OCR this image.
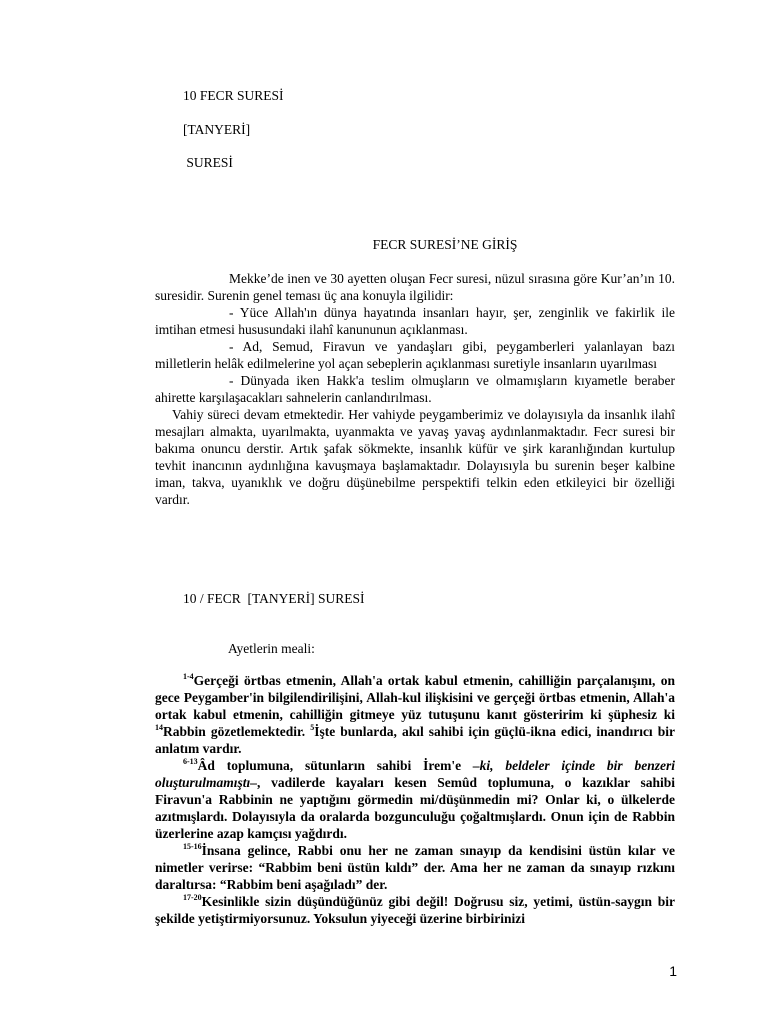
10 FECR SURESİ
[TANYERİ]
SURESİ
FECR SURESİ’NE GİRİŞ

Mekke’de inen ve 30 ayetten oluşan Fecr suresi, nüzul sırasına göre Kur’an’ın 10. suresidir. Surenin genel teması üç ana konuyla ilgilidir:

- Yüce Allah'ın dünya hayatında insanları hayır, şer, zenginlik ve fakirlik ile imtihan etmesi hususundaki ilahî kanununun açıklanması.

- Ad, Semud, Firavun ve yandaşları gibi, peygamberleri yalanlayan bazı milletlerin helâk edilmelerine yol açan sebeplerin açıklanması suretiyle insanların uyarılması

- Dünyada iken Hakk'a teslim olmuşların ve olmamışların kıyametle beraber ahirette karşılaşacakları sahnelerin canlandırılması.

Vahiy süreci devam etmektedir. Her vahiyde peygamberimiz ve dolayısıyla da insanlık ilahî mesajları almakta, uyarılmakta, uyanmakta ve yavaş yavaş aydınlanmaktadır. Fecr suresi bir bakıma onuncu derstir. Artık şafak sökmekte, insanlık küfür ve şirk karanlığından kurtulup tevhit inancının aydınlığına kavuşmaya başlamaktadır. Dolayısıyla bu surenin beşer kalbine iman, takva, uyanıklık ve doğru düşünebilme perspektifi telkin eden etkileyici bir özelliği vardır.

10 / FECR  [TANYERİ] SURESİ
Ayetlerin meali:

$^{1-4}$Gerçeği örtbas etmenin, Allah'a ortak kabul etmenin, cahilliğin parçalanışını, on gece Peygamber'in bilgilendirilişini, Allah-kul ilişkisini ve gerçeği örtbas etmenin, Allah'a ortak kabul etmenin, cahilliğin gitmeye yüz tutuşunu kanıt gösteririm ki şüphesiz ki $^{14}$Rabbin gözetlemektedir. $^5$İşte bunlarda, akıl sahibi için güçlü-ikna edici, inandırıcı bir anlatım vardır.

$^{6-13}$Âd toplumuna, sütunların sahibi İrem'e –ki, beldeler içinde bir benzeri oluşturulmamıştı–, vadilerde kayaları kesen Semûd toplumuna, o kazıklar sahibi Firavun'a Rabbinin ne yaptığını görmedin mi/düşünmedin mi? Onlar ki, o ülkelerde azıtmışlardı. Dolayısıyla da oralarda bozgunculuğu çoğaltmışlardı. Onun için de Rabbin üzerlerine azap kamçısı yağdırdı.

$^{15-16}$İnsana gelince, Rabbi onu her ne zaman sınayıp da kendisini üstün kılar ve nimetler verirse: “Rabbim beni üstün kıldı” der. Ama her ne zaman da sınayıp rızkını daraltırsa: “Rabbim beni aşağıladı” der.

$^{17-20}$Kesinlikle sizin düşündüğünüz gibi değil! Doğrusu siz, yetimi, üstün-saygın bir şekilde yetiştirmiyorsunuz. Yoksulun yiyeceği üzerine birbirinizi

1
